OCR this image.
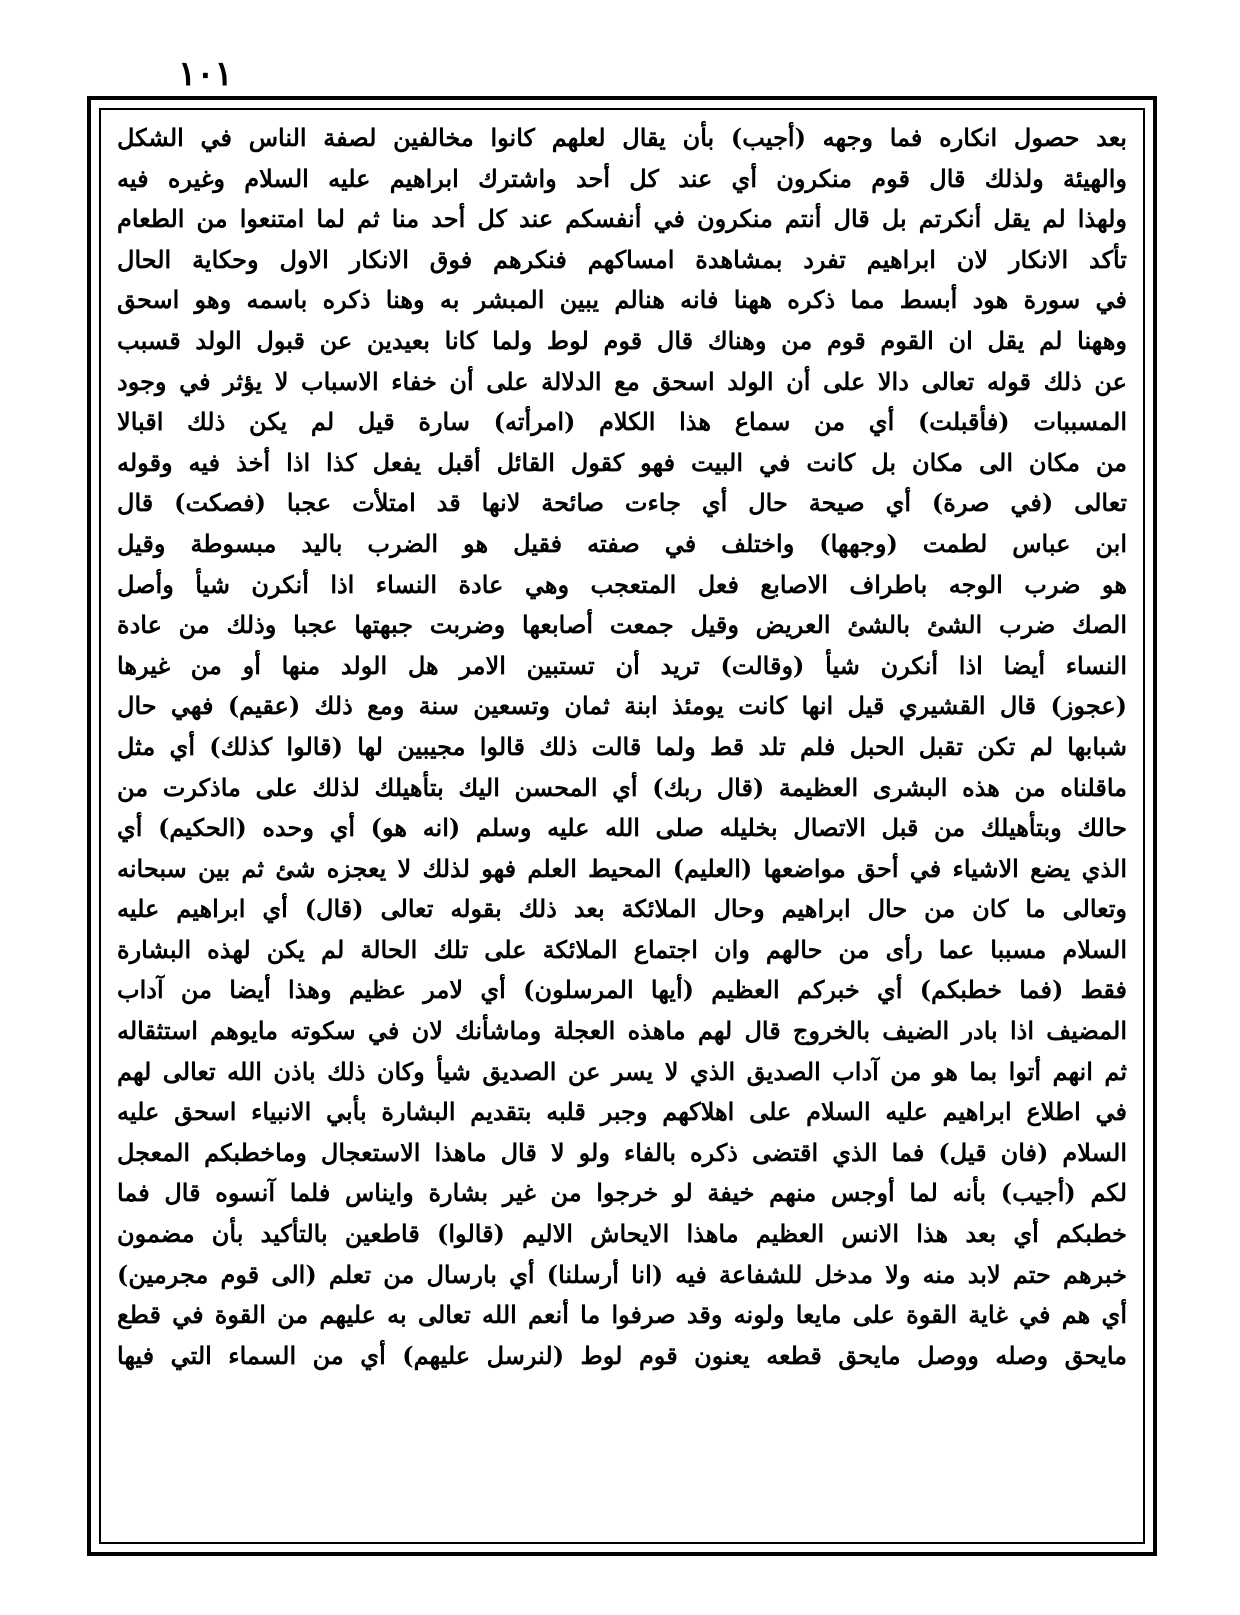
١٠١
بعد حصول انكاره فما وجهه (أجيب) بأن يقال لعلهم كانوا مخالفين لصفة الناس في الشكل
والهيئة ولذلك قال قوم منكرون أي عند كل أحد واشترك ابراهيم عليه السلام وغيره فيه
ولهذا لم يقل أنكرتم بل قال أنتم منكرون في أنفسكم عند كل أحد منا ثم لما امتنعوا من الطعام
تأكد الانكار لان ابراهيم تفرد بمشاهدة امساكهم فنكرهم فوق الانكار الاول وحكاية الحال
في سورة هود أبسط مما ذكره ههنا فانه هنالم يبين المبشر به وهنا ذكره باسمه وهو اسحق
وههنا لم يقل ان القوم قوم من وهناك قال قوم لوط ولما كانا بعيدين عن قبول الولد قسبب
عن ذلك قوله تعالى دالا على أن الولد اسحق مع الدلالة على أن خفاء الاسباب لا يؤثر في وجود
المسببات (فأقبلت) أي من سماع هذا الكلام (امرأته) سارة قيل لم يكن ذلك اقبالا
من مكان الى مكان بل كانت في البيت فهو كقول القائل أقبل يفعل كذا اذا أخذ فيه وقوله
تعالى (في صرة) أي صيحة حال أي جاءت صائحة لانها قد امتلأت عجبا (فصكت) قال
ابن عباس لطمت (وجهها) واختلف في صفته فقيل هو الضرب باليد مبسوطة وقيل
هو ضرب الوجه باطراف الاصابع فعل المتعجب وهي عادة النساء اذا أنكرن شيأ وأصل
الصك ضرب الشئ بالشئ العريض وقيل جمعت أصابعها وضربت جبهتها عجبا وذلك من عادة
النساء أيضا اذا أنكرن شيأ (وقالت) تريد أن تستبين الامر هل الولد منها أو من غيرها
(عجوز) قال القشيري قيل انها كانت يومئذ ابنة ثمان وتسعين سنة ومع ذلك (عقيم) فهي حال
شبابها لم تكن تقبل الحبل فلم تلد قط ولما قالت ذلك قالوا مجيبين لها (قالوا كذلك) أي مثل
ماقلناه من هذه البشرى العظيمة (قال ربك) أي المحسن اليك بتأهيلك لذلك على ماذكرت من
حالك وبتأهيلك من قبل الاتصال بخليله صلى الله عليه وسلم (انه هو) أي وحده (الحكيم) أي
الذي يضع الاشياء في أحق مواضعها (العليم) المحيط العلم فهو لذلك لا يعجزه شئ ثم بين سبحانه
وتعالى ما كان من حال ابراهيم وحال الملائكة بعد ذلك بقوله تعالى (قال) أي ابراهيم عليه
السلام مسببا عما رأى من حالهم وان اجتماع الملائكة على تلك الحالة لم يكن لهذه البشارة
فقط (فما خطبكم) أي خبركم العظيم (أيها المرسلون) أي لامر عظيم وهذا أيضا من آداب
المضيف اذا بادر الضيف بالخروج قال لهم ماهذه العجلة وماشأنك لان في سكوته مايوهم استثقاله
ثم انهم أتوا بما هو من آداب الصديق الذي لا يسر عن الصديق شيأ وكان ذلك باذن الله تعالى لهم
في اطلاع ابراهيم عليه السلام على اهلاكهم وجبر قلبه بتقديم البشارة بأبي الانبياء اسحق عليه
السلام (فان قيل) فما الذي اقتضى ذكره بالفاء ولو لا قال ماهذا الاستعجال وماخطبكم المعجل
لكم (أجيب) بأنه لما أوجس منهم خيفة لو خرجوا من غير بشارة وايناس فلما آنسوه قال فما
خطبكم أي بعد هذا الانس العظيم ماهذا الايحاش الاليم (قالوا) قاطعين بالتأكيد بأن مضمون
خبرهم حتم لابد منه ولا مدخل للشفاعة فيه (انا أرسلنا) أي بارسال من تعلم (الى قوم مجرمين)
أي هم في غاية القوة على مايعا ولونه وقد صرفوا ما أنعم الله تعالى به عليهم من القوة في قطع
مايحق وصله ووصل مايحق قطعه يعنون قوم لوط (لنرسل عليهم) أي من السماء التي فيها
